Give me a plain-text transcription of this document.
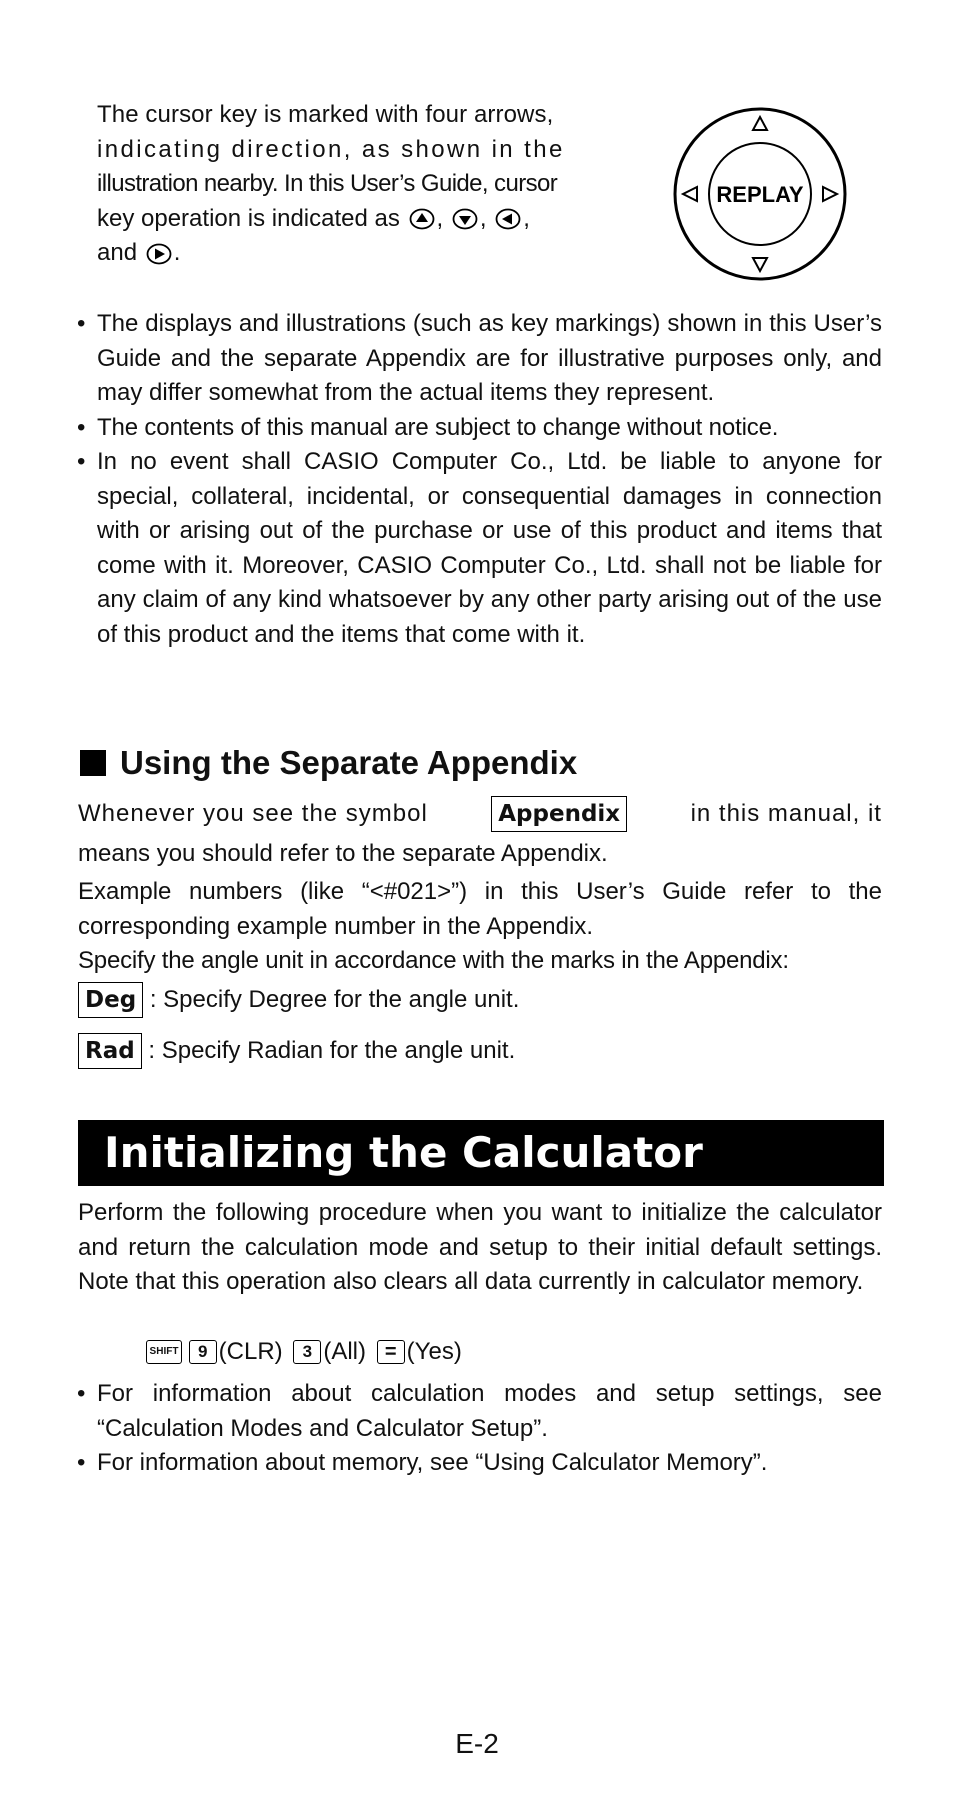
The cursor key is marked with four arrows,
indicating direction, as shown in the
illustration nearby. In this User’s Guide, cursor
key operation is indicated as , , ,
and .
REPLAY
• The displays and illustrations (such as key markings) shown in this User’s Guide and the separate Appendix are for illustrative purposes only, and may differ somewhat from the actual items they represent.
• The contents of this manual are subject to change without notice.
• In no event shall CASIO Computer Co., Ltd. be liable to anyone for special, collateral, incidental, or consequential damages in connection with or arising out of the purchase or use of this product and items that come with it. Moreover, CASIO Computer Co., Ltd. shall not be liable for any claim of any kind whatsoever by any other party arising out of the use of this product and the items that come with it.
Using the Separate Appendix
Whenever you see the symbol	Appendix	in this manual, it
means you should refer to the separate Appendix.
Example numbers (like “<#021>”) in this User’s Guide refer to the corresponding example number in the Appendix.
Specify the angle unit in accordance with the marks in the Appendix:
Deg : Specify Degree for the angle unit.
Rad : Specify Radian for the angle unit.
Initializing the Calculator
Perform the following procedure when you want to initialize the calculator and return the calculation mode and setup to their initial default settings. Note that this operation also clears all data currently in calculator memory.
SHIFT 9 (CLR) 3 (All) = (Yes)
• For information about calculation modes and setup settings, see “Calculation Modes and Calculator Setup”.
• For information about memory, see “Using Calculator Memory”.
E-2
